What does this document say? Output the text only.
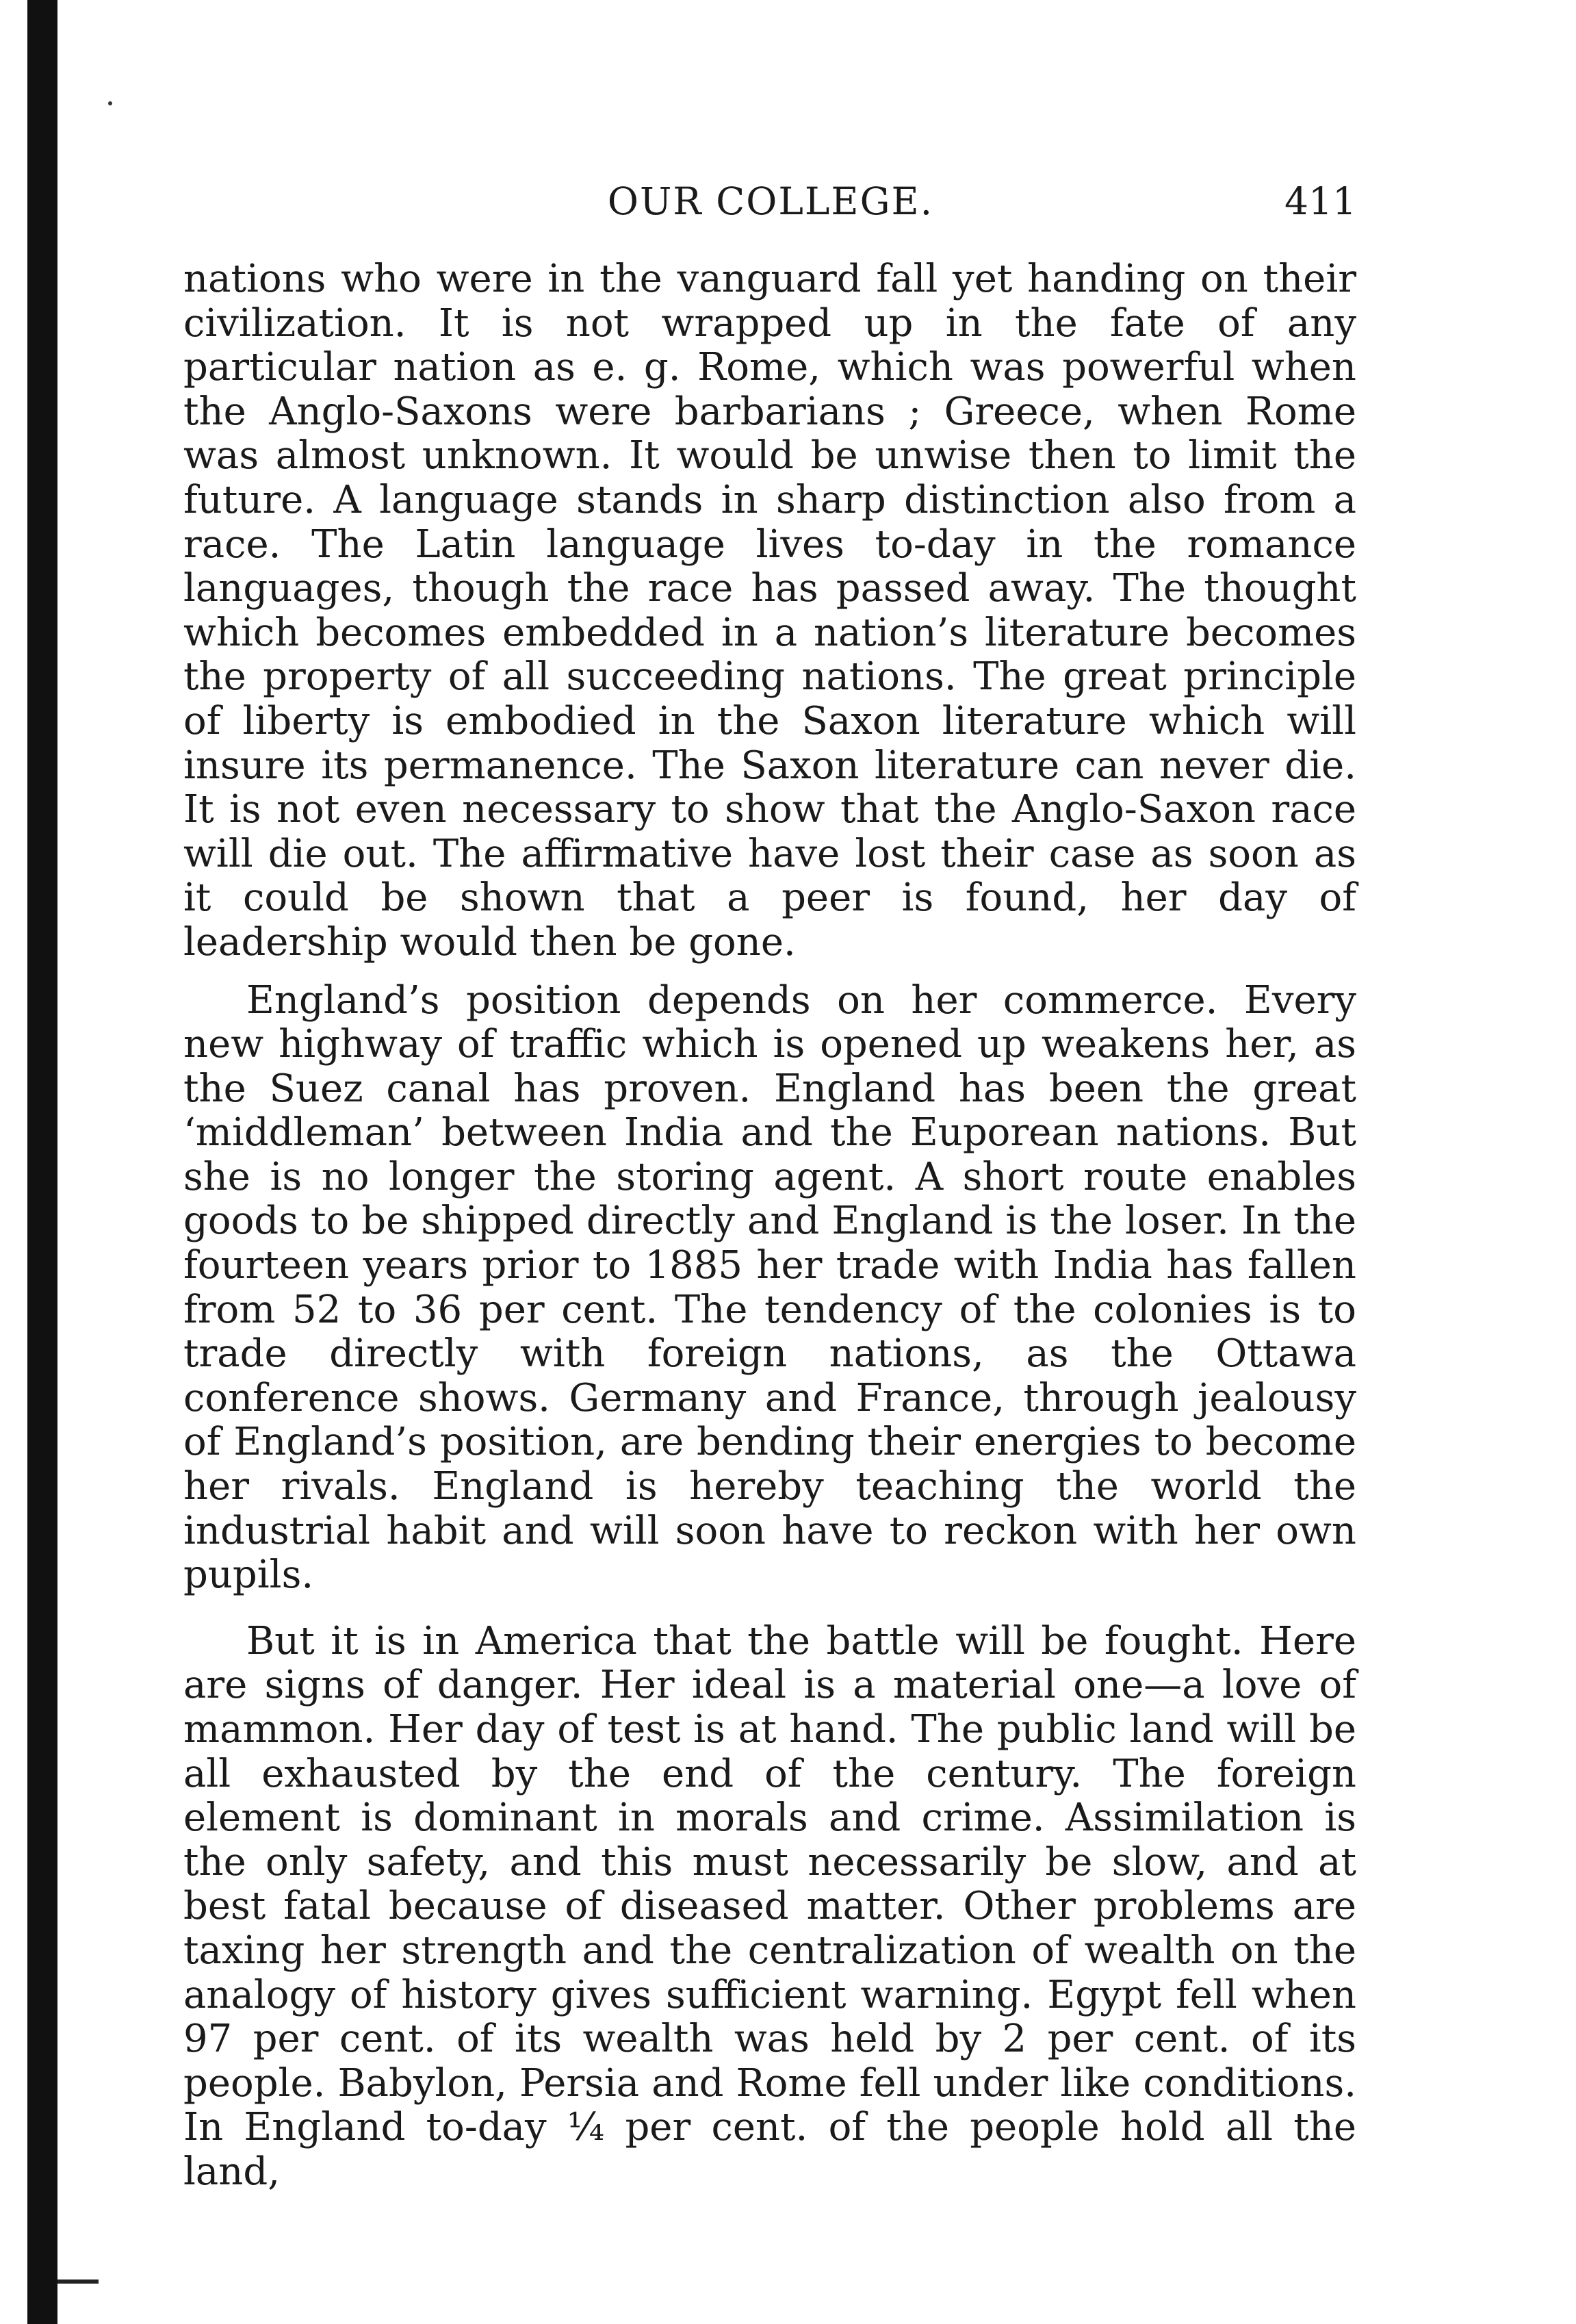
OUR COLLEGE.	411

nations who were in the vanguard fall yet handing on their civilization. It is not wrapped up in the fate of any particular nation as e. g. Rome, which was powerful when the Anglo-Saxons were barbarians ; Greece, when Rome was almost unknown. It would be unwise then to limit the future. A language stands in sharp distinction also from a race. The Latin language lives to-day in the romance languages, though the race has passed away. The thought which becomes embedded in a nation’s literature becomes the property of all succeeding nations. The great principle of liberty is embodied in the Saxon literature which will insure its permanence. The Saxon literature can never die. It is not even necessary to show that the Anglo-Saxon race will die out. The affirmative have lost their case as soon as it could be shown that a peer is found, her day of leadership would then be gone.

England’s position depends on her commerce. Every new highway of traffic which is opened up weakens her, as the Suez canal has proven. England has been the great ‘middleman’ between India and the Euporean nations. But she is no longer the storing agent. A short route enables goods to be shipped directly and England is the loser. In the fourteen years prior to 1885 her trade with India has fallen from 52 to 36 per cent. The tendency of the colonies is to trade directly with foreign nations, as the Ottawa conference shows. Germany and France, through jealousy of England’s position, are bending their energies to become her rivals. England is hereby teaching the world the industrial habit and will soon have to reckon with her own pupils.

But it is in America that the battle will be fought. Here are signs of danger. Her ideal is a material one—a love of mammon. Her day of test is at hand. The public land will be all exhausted by the end of the century. The foreign element is dominant in morals and crime. Assimilation is the only safety, and this must necessarily be slow, and at best fatal because of diseased matter. Other problems are taxing her strength and the centralization of wealth on the analogy of history gives sufficient warning. Egypt fell when 97 per cent. of its wealth was held by 2 per cent. of its people. Babylon, Persia and Rome fell under like conditions. In England to-day ¼ per cent. of the people hold all the land,
